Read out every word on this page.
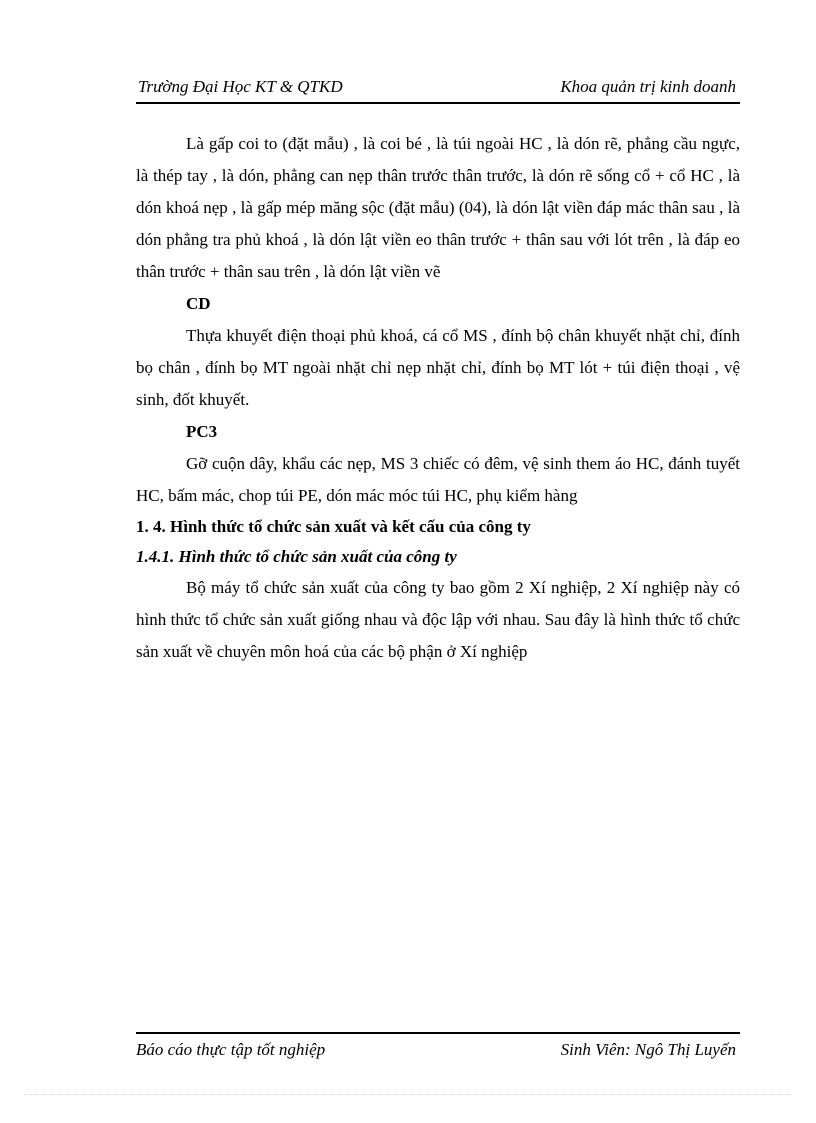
Trường Đại Học KT & QTKD	Khoa quản trị kinh doanh

Là gấp coi to (đặt mẫu) , là coi bé , là túi ngoài HC , là dón rẽ, phẳng cầu ngực, là thép tay , là dón, phẳng can nẹp thân trước thân trước, là dón rẽ sống cổ + cổ HC , là dón khoá nẹp , là gấp mép măng sộc (đặt mẫu) (04), là dón lật viền đáp mác thân sau , là dón phẳng tra phủ khoá , là dón lật viền eo thân trước + thân sau với lót trên , là đáp eo thân trước + thân sau trên , là dón lật viền vẽ

CD

Thựa khuyết điện thoại phủ khoá, cá cổ MS , đính bộ chân khuyết nhặt chỉ, đính bọ chân , đính bọ MT ngoài nhặt chỉ nẹp nhặt chỉ, đính bọ MT lót + túi điện thoại , vệ sinh, đốt khuyết.

PC3

Gỡ cuộn dây, khẩu các nẹp, MS 3 chiếc có đêm, vệ sinh them áo HC, đánh tuyết HC, bấm mác, chop túi PE, dón mác móc túi HC, phụ kiểm hàng

1. 4. Hình thức tổ chức sản xuất và kết cấu của công ty

1.4.1. Hình thức tổ chức sản xuất của công ty

Bộ máy tổ chức sản xuất của công ty bao gồm 2 Xí nghiệp, 2 Xí nghiệp này có hình thức tổ chức sản xuất giống nhau và độc lập với nhau. Sau đây là hình thức tổ chức sản xuất về chuyên môn hoá của các bộ phận ở Xí nghiệp

Báo cáo thực tập tốt nghiệp	Sinh Viên: Ngô Thị Luyến
